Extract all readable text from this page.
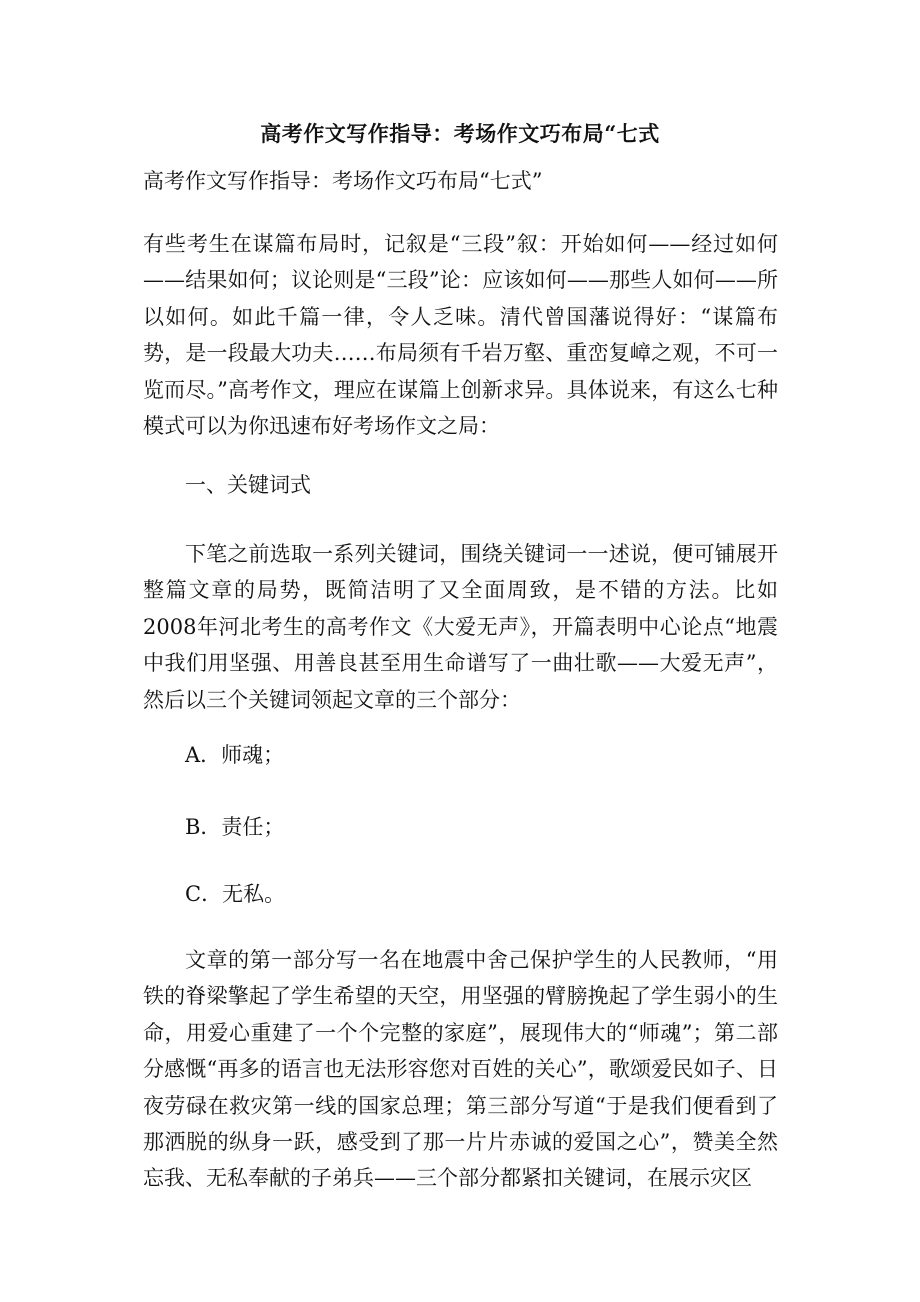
高考作文写作指导：考场作文巧布局“七式
高考作文写作指导：考场作文巧布局“七式”

有些考生在谋篇布局时，记叙是“三段”叙：开始如何——经过如何——结果如何；议论则是“三段”论：应该如何——那些人如何——所以如何。如此千篇一律，令人乏味。清代曾国藩说得好：“谋篇布势，是一段最大功夫……布局须有千岩万壑、重峦复嶂之观，不可一览而尽。”高考作文，理应在谋篇上创新求异。具体说来，有这么七种模式可以为你迅速布好考场作文之局：

一、关键词式

下笔之前选取一系列关键词，围绕关键词一一述说，便可铺展开整篇文章的局势，既简洁明了又全面周致，是不错的方法。比如2008年河北考生的高考作文《大爱无声》，开篇表明中心论点“地震中我们用坚强、用善良甚至用生命谱写了一曲壮歌——大爱无声”，然后以三个关键词领起文章的三个部分：

A．师魂；

B．责任；

C．无私。

文章的第一部分写一名在地震中舍己保护学生的人民教师，“用铁的脊梁擎起了学生希望的天空，用坚强的臂膀挽起了学生弱小的生命，用爱心重建了一个个完整的家庭”，展现伟大的“师魂”；第二部分感慨“再多的语言也无法形容您对百姓的关心”，歌颂爱民如子、日夜劳碌在救灾第一线的国家总理；第三部分写道“于是我们便看到了那洒脱的纵身一跃，感受到了那一片片赤诚的爱国之心”，赞美全然忘我、无私奉献的子弟兵——三个部分都紧扣关键词，在展示灾区
